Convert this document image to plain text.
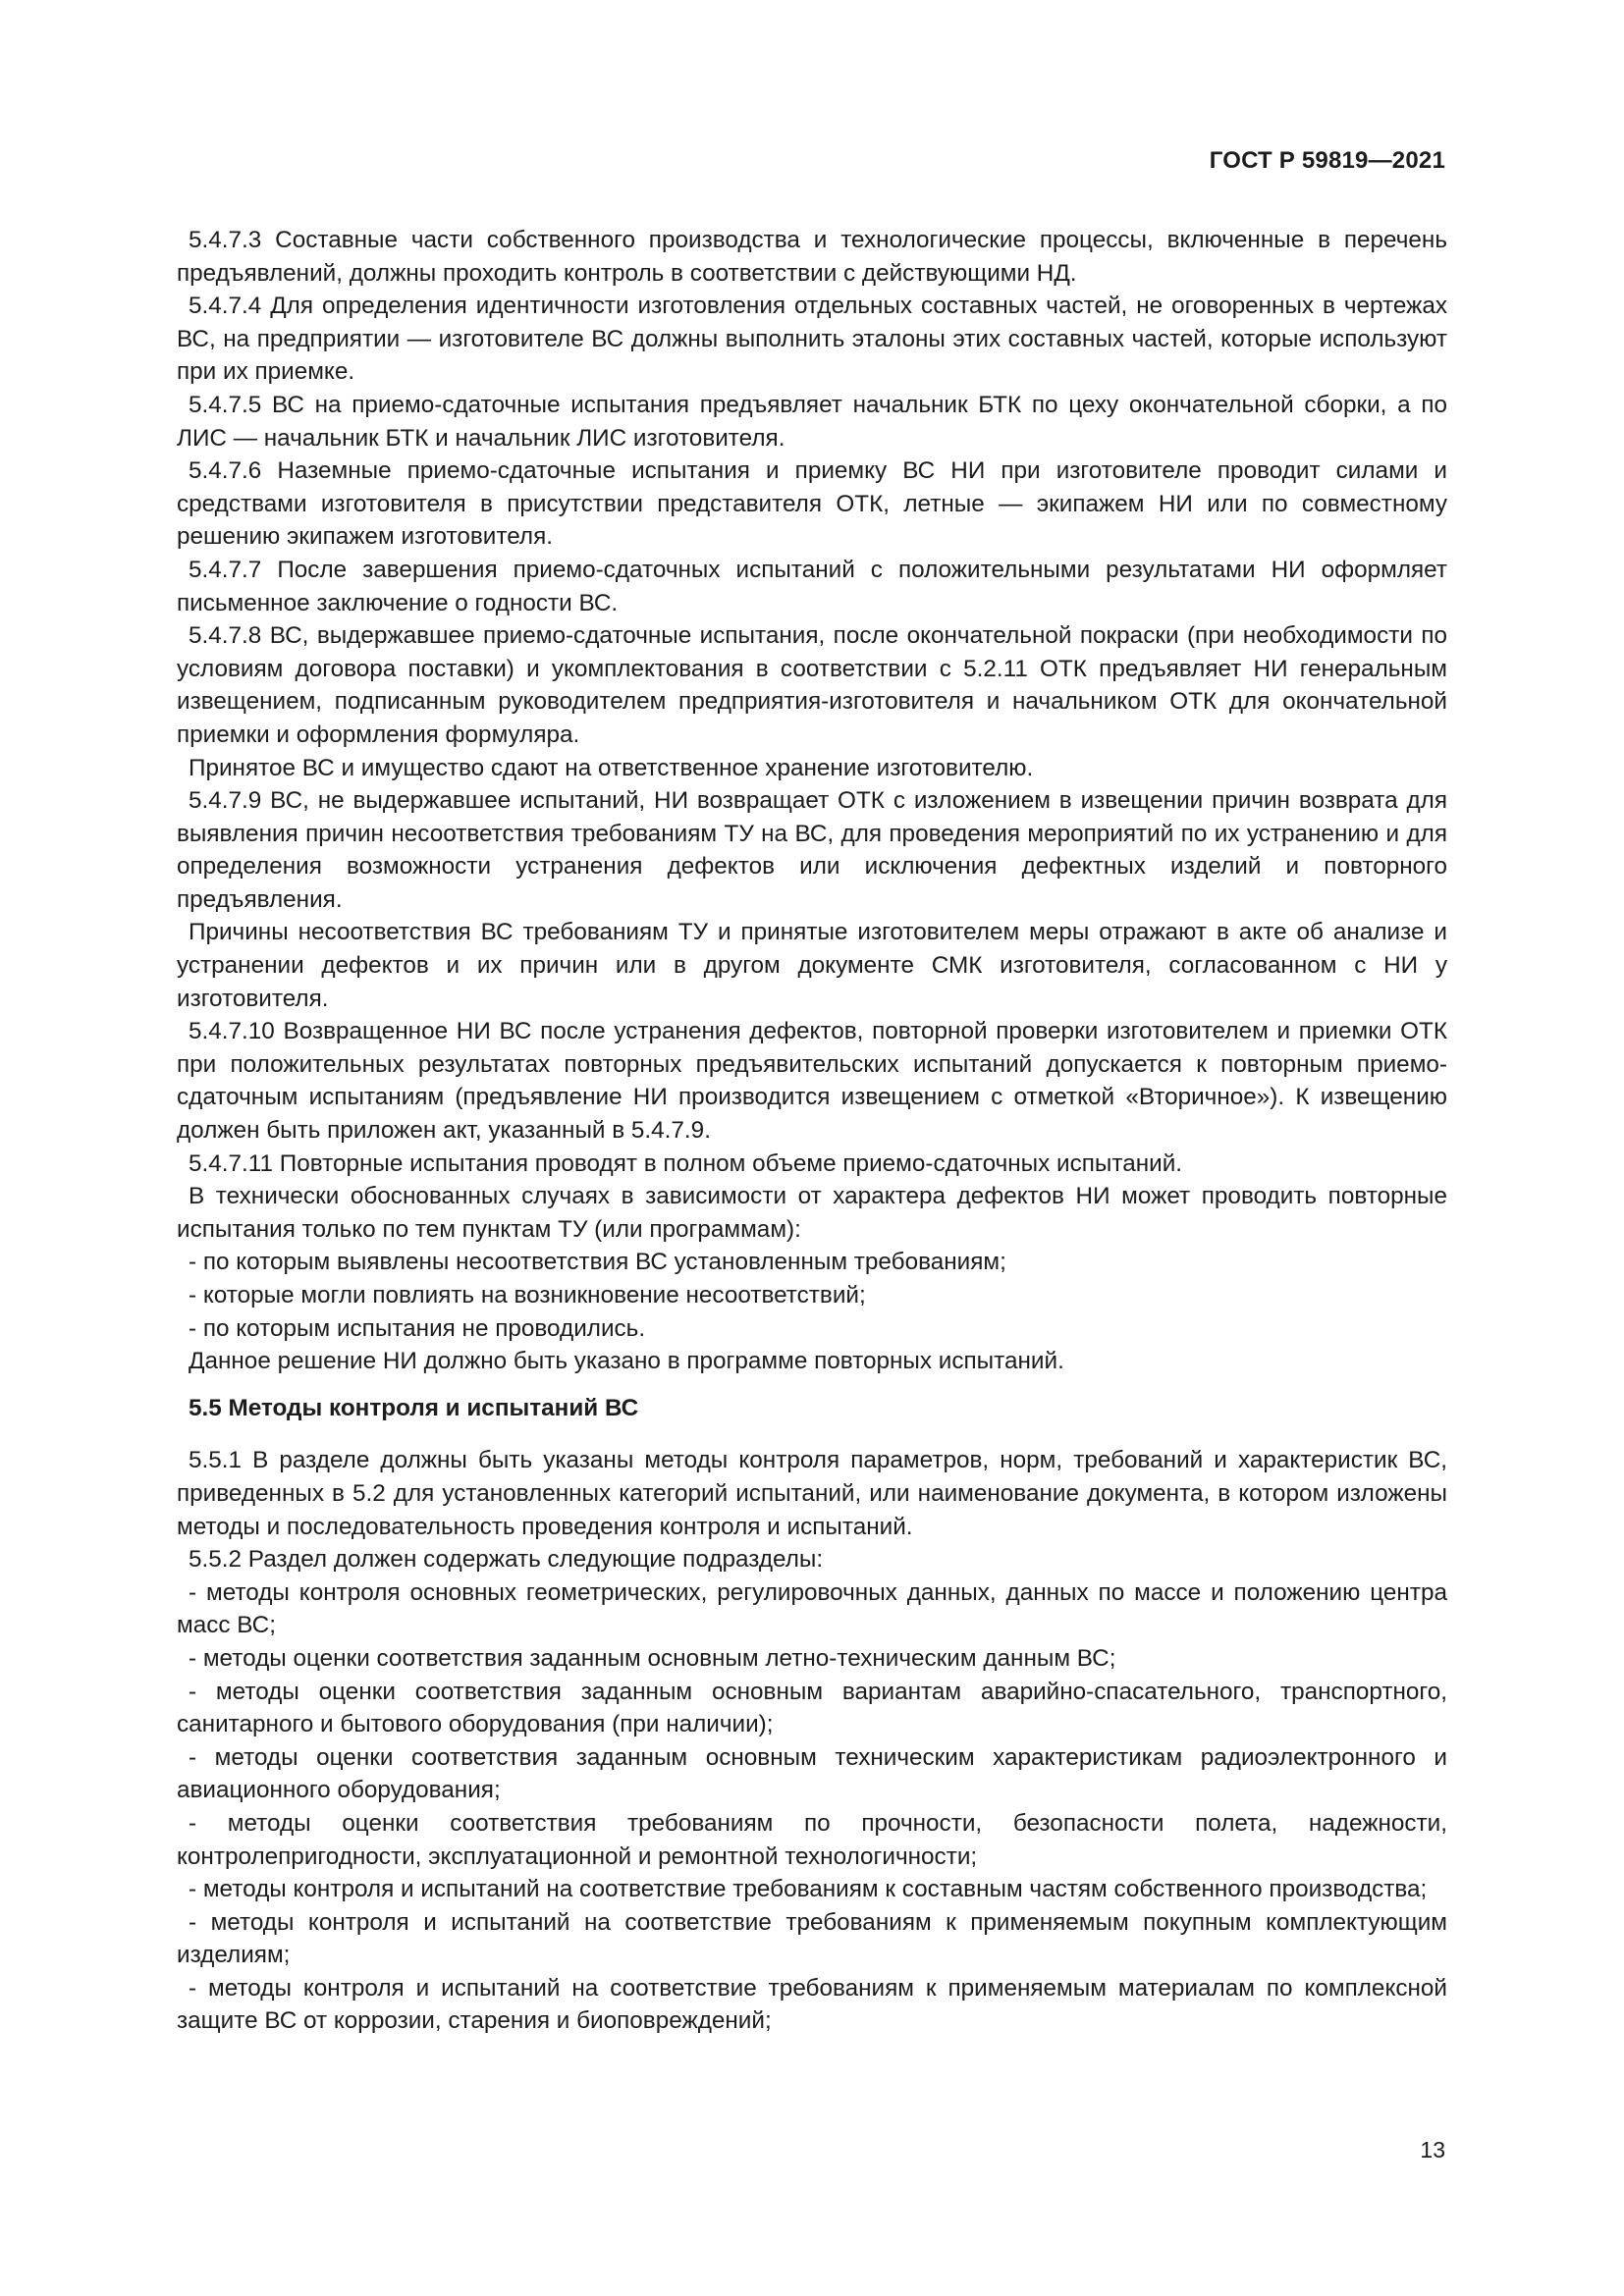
ГОСТ Р 59819—2021

5.4.7.3 Составные части собственного производства и технологические процессы, включенные в перечень предъявлений, должны проходить контроль в соответствии с действующими НД.

5.4.7.4 Для определения идентичности изготовления отдельных составных частей, не оговоренных в чертежах ВС, на предприятии — изготовителе ВС должны выполнить эталоны этих составных частей, которые используют при их приемке.

5.4.7.5 ВС на приемо-сдаточные испытания предъявляет начальник БТК по цеху окончательной сборки, а по ЛИС — начальник БТК и начальник ЛИС изготовителя.

5.4.7.6 Наземные приемо-сдаточные испытания и приемку ВС НИ при изготовителе проводит силами и средствами изготовителя в присутствии представителя ОТК, летные — экипажем НИ или по совместному решению экипажем изготовителя.

5.4.7.7 После завершения приемо-сдаточных испытаний с положительными результатами НИ оформляет письменное заключение о годности ВС.

5.4.7.8 ВС, выдержавшее приемо-сдаточные испытания, после окончательной покраски (при необходимости по условиям договора поставки) и укомплектования в соответствии с 5.2.11 ОТК предъявляет НИ генеральным извещением, подписанным руководителем предприятия-изготовителя и начальником ОТК для окончательной приемки и оформления формуляра.

Принятое ВС и имущество сдают на ответственное хранение изготовителю.

5.4.7.9 ВС, не выдержавшее испытаний, НИ возвращает ОТК с изложением в извещении причин возврата для выявления причин несоответствия требованиям ТУ на ВС, для проведения мероприятий по их устранению и для определения возможности устранения дефектов или исключения дефектных изделий и повторного предъявления.

Причины несоответствия ВС требованиям ТУ и принятые изготовителем меры отражают в акте об анализе и устранении дефектов и их причин или в другом документе СМК изготовителя, согласованном с НИ у изготовителя.

5.4.7.10 Возвращенное НИ ВС после устранения дефектов, повторной проверки изготовителем и приемки ОТК при положительных результатах повторных предъявительских испытаний допускается к повторным приемо-сдаточным испытаниям (предъявление НИ производится извещением с отметкой «Вторичное»). К извещению должен быть приложен акт, указанный в 5.4.7.9.

5.4.7.11 Повторные испытания проводят в полном объеме приемо-сдаточных испытаний.

В технически обоснованных случаях в зависимости от характера дефектов НИ может проводить повторные испытания только по тем пунктам ТУ (или программам):

- по которым выявлены несоответствия ВС установленным требованиям;

- которые могли повлиять на возникновение несоответствий;

- по которым испытания не проводились.

Данное решение НИ должно быть указано в программе повторных испытаний.

5.5 Методы контроля и испытаний ВС

5.5.1 В разделе должны быть указаны методы контроля параметров, норм, требований и характеристик ВС, приведенных в 5.2 для установленных категорий испытаний, или наименование документа, в котором изложены методы и последовательность проведения контроля и испытаний.

5.5.2 Раздел должен содержать следующие подразделы:

- методы контроля основных геометрических, регулировочных данных, данных по массе и положению центра масс ВС;

- методы оценки соответствия заданным основным летно-техническим данным ВС;

- методы оценки соответствия заданным основным вариантам аварийно-спасательного, транспортного, санитарного и бытового оборудования (при наличии);

- методы оценки соответствия заданным основным техническим характеристикам радиоэлектронного и авиационного оборудования;

- методы оценки соответствия требованиям по прочности, безопасности полета, надежности, контролепригодности, эксплуатационной и ремонтной технологичности;

- методы контроля и испытаний на соответствие требованиям к составным частям собственного производства;

- методы контроля и испытаний на соответствие требованиям к применяемым покупным комплектующим изделиям;

- методы контроля и испытаний на соответствие требованиям к применяемым материалам по комплексной защите ВС от коррозии, старения и биоповреждений;

13
